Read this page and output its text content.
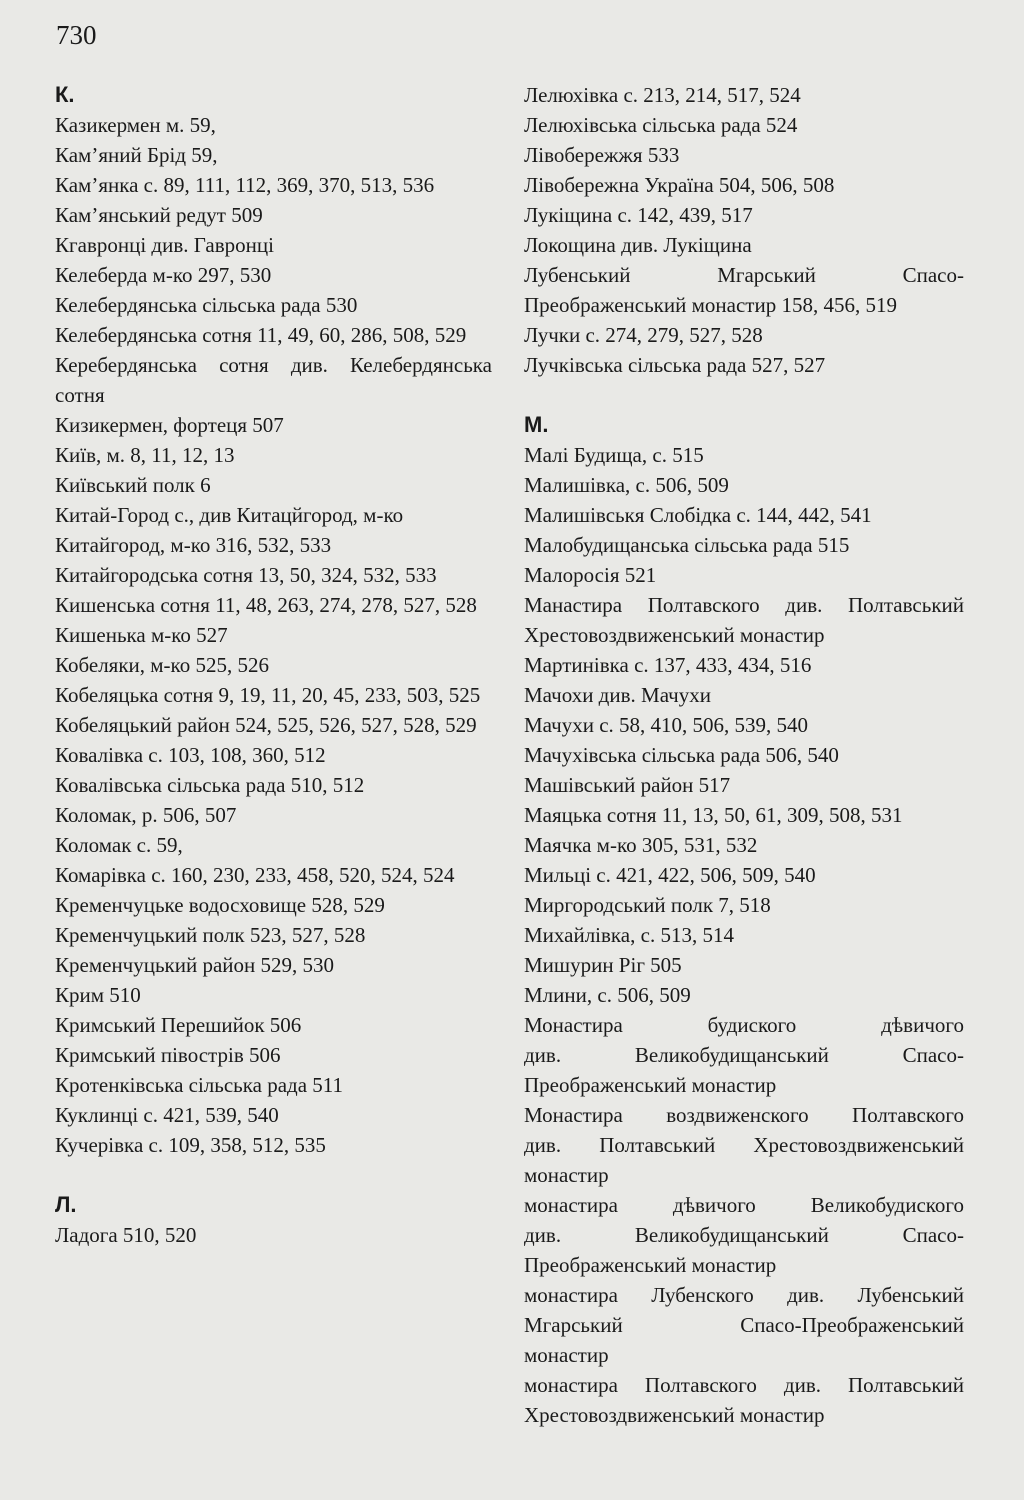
730
К.
Казикермен м. 59,
Кам’яний Брід 59,
Кам’янка с. 89, 111, 112, 369, 370, 513, 536
Кам’янський редут 509
Кгавронці див. Гавронці
Келеберда м-ко 297, 530
Келебердянська сільська рада 530
Келебердянська сотня 11, 49, 60, 286, 508, 529
Керебердянська сотня див. Келебердянська сотня
Кизикермен, фортеця 507
Київ, м. 8, 11, 12, 13
Київський полк 6
Китай-Город с., див Китацйгород, м-ко
Китайгород, м-ко 316, 532, 533
Китайгородська сотня 13, 50, 324, 532, 533
Кишенська сотня 11, 48, 263, 274, 278, 527, 528
Кишенька м-ко 527
Кобеляки, м-ко 525, 526
Кобеляцька сотня 9, 19, 11, 20, 45, 233, 503, 525
Кобеляцький район 524, 525, 526, 527, 528, 529
Ковалівка с. 103, 108, 360, 512
Ковалівська сільська рада 510, 512
Коломак, р. 506, 507
Коломак с. 59,
Комарівка с. 160, 230, 233, 458, 520, 524, 524
Кременчуцьке водосховище 528, 529
Кременчуцький полк 523, 527, 528
Кременчуцький район 529, 530
Крим 510
Кримський Перешийок 506
Кримський півострів 506
Кротенківська сільська рада 511
Куклинці с. 421, 539, 540
Кучерівка с. 109, 358, 512, 535
Л.
Ладога 510, 520
Лелюхівка с. 213, 214, 517, 524
Лелюхівська сільська рада 524
Лівобережжя 533
Лівобережна Україна 504, 506, 508
Лукіщина с. 142, 439, 517
Локощина див. Лукіщина
Лубенський Мгарський Спасо-
Преображенський монастир 158, 456, 519
Лучки с. 274, 279, 527, 528
Лучківська сільська рада 527, 527
М.
Малі Будища, с. 515
Малишівка, с. 506, 509
Малишівськя Слобідка с. 144, 442, 541
Малобудищанська сільська рада 515
Малоросія 521
Манастира Полтавского див. Полтавський
Хрестовоздвиженський монастир
Мартинівка с. 137, 433, 434, 516
Мачохи див. Мачухи
Мачухи с. 58, 410, 506, 539, 540
Мачухівська сільська рада 506, 540
Машівський район 517
Маяцька сотня 11, 13, 50, 61, 309, 508, 531
Маячка м-ко 305, 531, 532
Мильці с. 421, 422, 506, 509, 540
Миргородський полк 7, 518
Михайлівка, с. 513, 514
Мишурин Ріг 505
Млини, с. 506, 509
Монастира будиского дѣвичого
див. Великобудищанський Спасо-
Преображенський монастир
Монастира воздвиженского Полтавского
див. Полтавський Хрестовоздвиженський
монастир
монастира дѣвичого Великобудиского
див. Великобудищанський Спасо-
Преображенський монастир
монастира Лубенского див. Лубенський
Мгарський Спасо-Преображенський
монастир
монастира Полтавского див. Полтавський
Хрестовоздвиженський монастир
